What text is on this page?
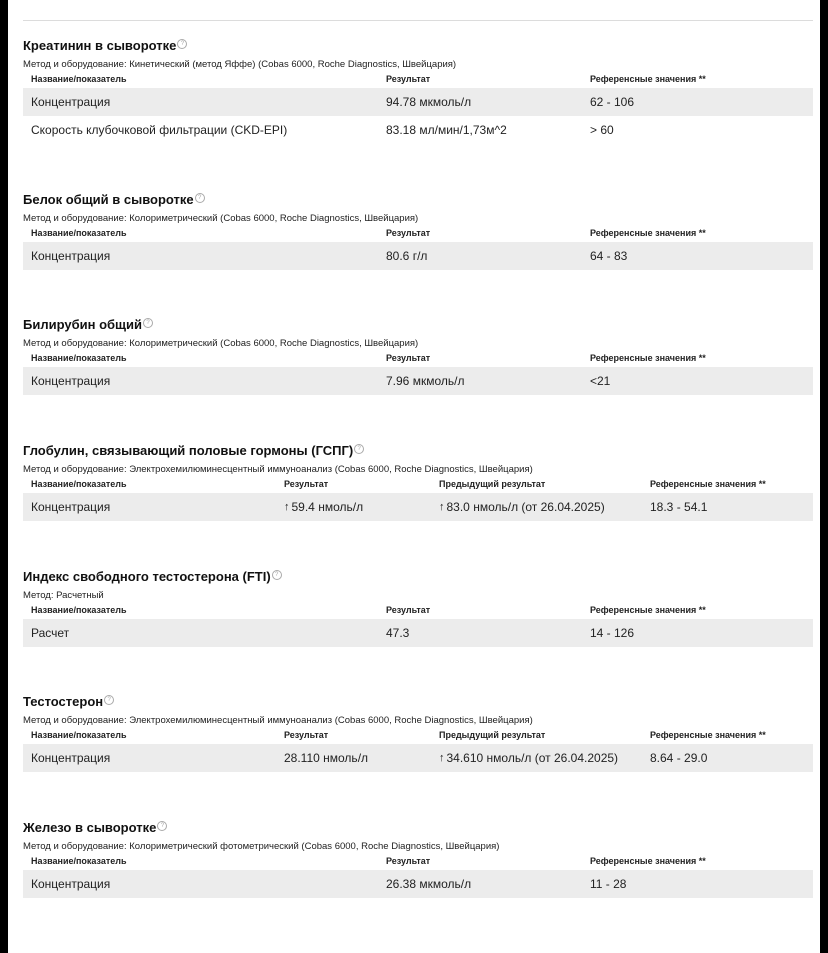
Креатинин в сыворотке ?
Метод и оборудование: Кинетический (метод Яффе) (Cobas 6000, Roche Diagnostics, Швейцария)
Название/показатель	Результат	Референсные значения **
Концентрация	94.78 мкмоль/л	62 - 106
Скорость клубочковой фильтрации (CKD-EPI)	83.18 мл/мин/1,73м^2	> 60
Белок общий в сыворотке ?
Метод и оборудование: Колориметрический (Cobas 6000, Roche Diagnostics, Швейцария)
Название/показатель	Результат	Референсные значения **
Концентрация	80.6 г/л	64 - 83
Билирубин общий ?
Метод и оборудование: Колориметрический (Cobas 6000, Roche Diagnostics, Швейцария)
Название/показатель	Результат	Референсные значения **
Концентрация	7.96 мкмоль/л	<21
Глобулин, связывающий половые гормоны (ГСПГ) ?
Метод и оборудование: Электрохемилюминесцентный иммуноанализ (Cobas 6000, Roche Diagnostics, Швейцария)
Название/показатель	Результат	Предыдущий результат	Референсные значения **
Концентрация	↑ 59.4 нмоль/л	↑ 83.0 нмоль/л (от 26.04.2025)	18.3 - 54.1
Индекс свободного тестостерона (FTI) ?
Метод: Расчетный
Название/показатель	Результат	Референсные значения **
Расчет	47.3	14 - 126
Тестостерон ?
Метод и оборудование: Электрохемилюминесцентный иммуноанализ (Cobas 6000, Roche Diagnostics, Швейцария)
Название/показатель	Результат	Предыдущий результат	Референсные значения **
Концентрация	28.110 нмоль/л	↑ 34.610 нмоль/л (от 26.04.2025)	8.64 - 29.0
Железо в сыворотке ?
Метод и оборудование: Колориметрический фотометрический (Cobas 6000, Roche Diagnostics, Швейцария)
Название/показатель	Результат	Референсные значения **
Концентрация	26.38 мкмоль/л	11 - 28
